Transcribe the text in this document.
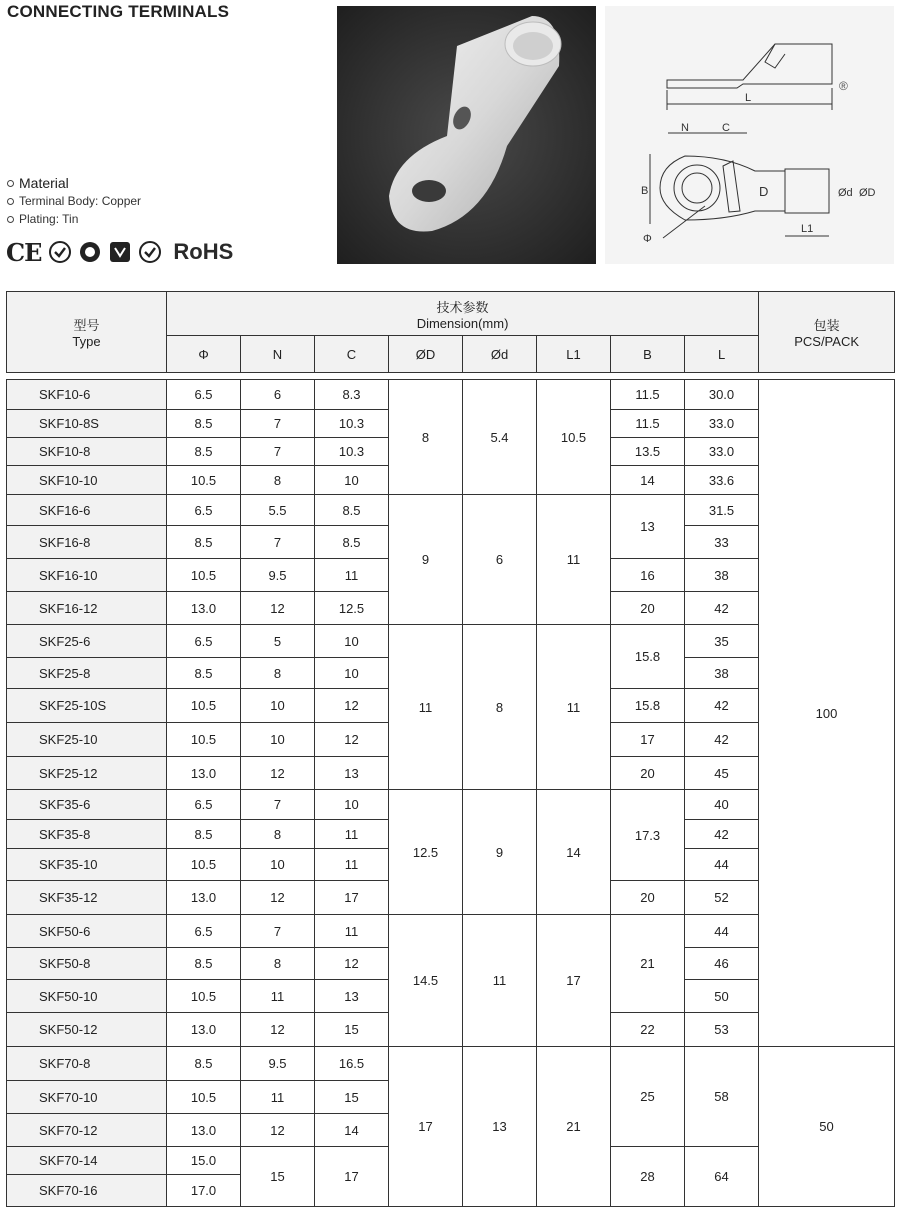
CONNECTING TERMINALS
L
®
N	C
B	D	Ød ØD
L1
Φ
Material
Terminal Body: Copper
Plating: Tin
CE	RoHS
型号
Type	技术参数
Dimension(mm)								包装
PCS/PACK

	Φ	N	C	ØD	Ød	L1	B	L	
SKF10-6	6.5	6	8.3	8	5.4	10.5	11.5	30.0	100
SKF10-8S	8.5	7	10.3				11.5	33.0	
SKF10-8	8.5	7	10.3				13.5	33.0	
SKF10-10	10.5	8	10				14	33.6	
SKF16-6	6.5	5.5	8.5	9	6	11	13	31.5	
SKF16-8	8.5	7	8.5					33	
SKF16-10	10.5	9.5	11				16	38	
SKF16-12	13.0	12	12.5				20	42	
SKF25-6	6.5	5	10	11	8	11	15.8	35	
SKF25-8	8.5	8	10					38	
SKF25-10S	10.5	10	12				15.8	42	
SKF25-10	10.5	10	12				17	42	
SKF25-12	13.0	12	13				20	45	
SKF35-6	6.5	7	10	12.5	9	14	17.3	40	
SKF35-8	8.5	8	11					42	
SKF35-10	10.5	10	11					44	
SKF35-12	13.0	12	17				20	52	
SKF50-6	6.5	7	11	14.5	11	17	21	44	
SKF50-8	8.5	8	12					46	
SKF50-10	10.5	11	13					50	
SKF50-12	13.0	12	15				22	53	
SKF70-8	8.5	9.5	16.5	17	13	21	25	58	50
SKF70-10	10.5	11	15						
SKF70-12	13.0	12	14						
SKF70-14	15.0	15	17				28	64	
SKF70-16	17.0								
